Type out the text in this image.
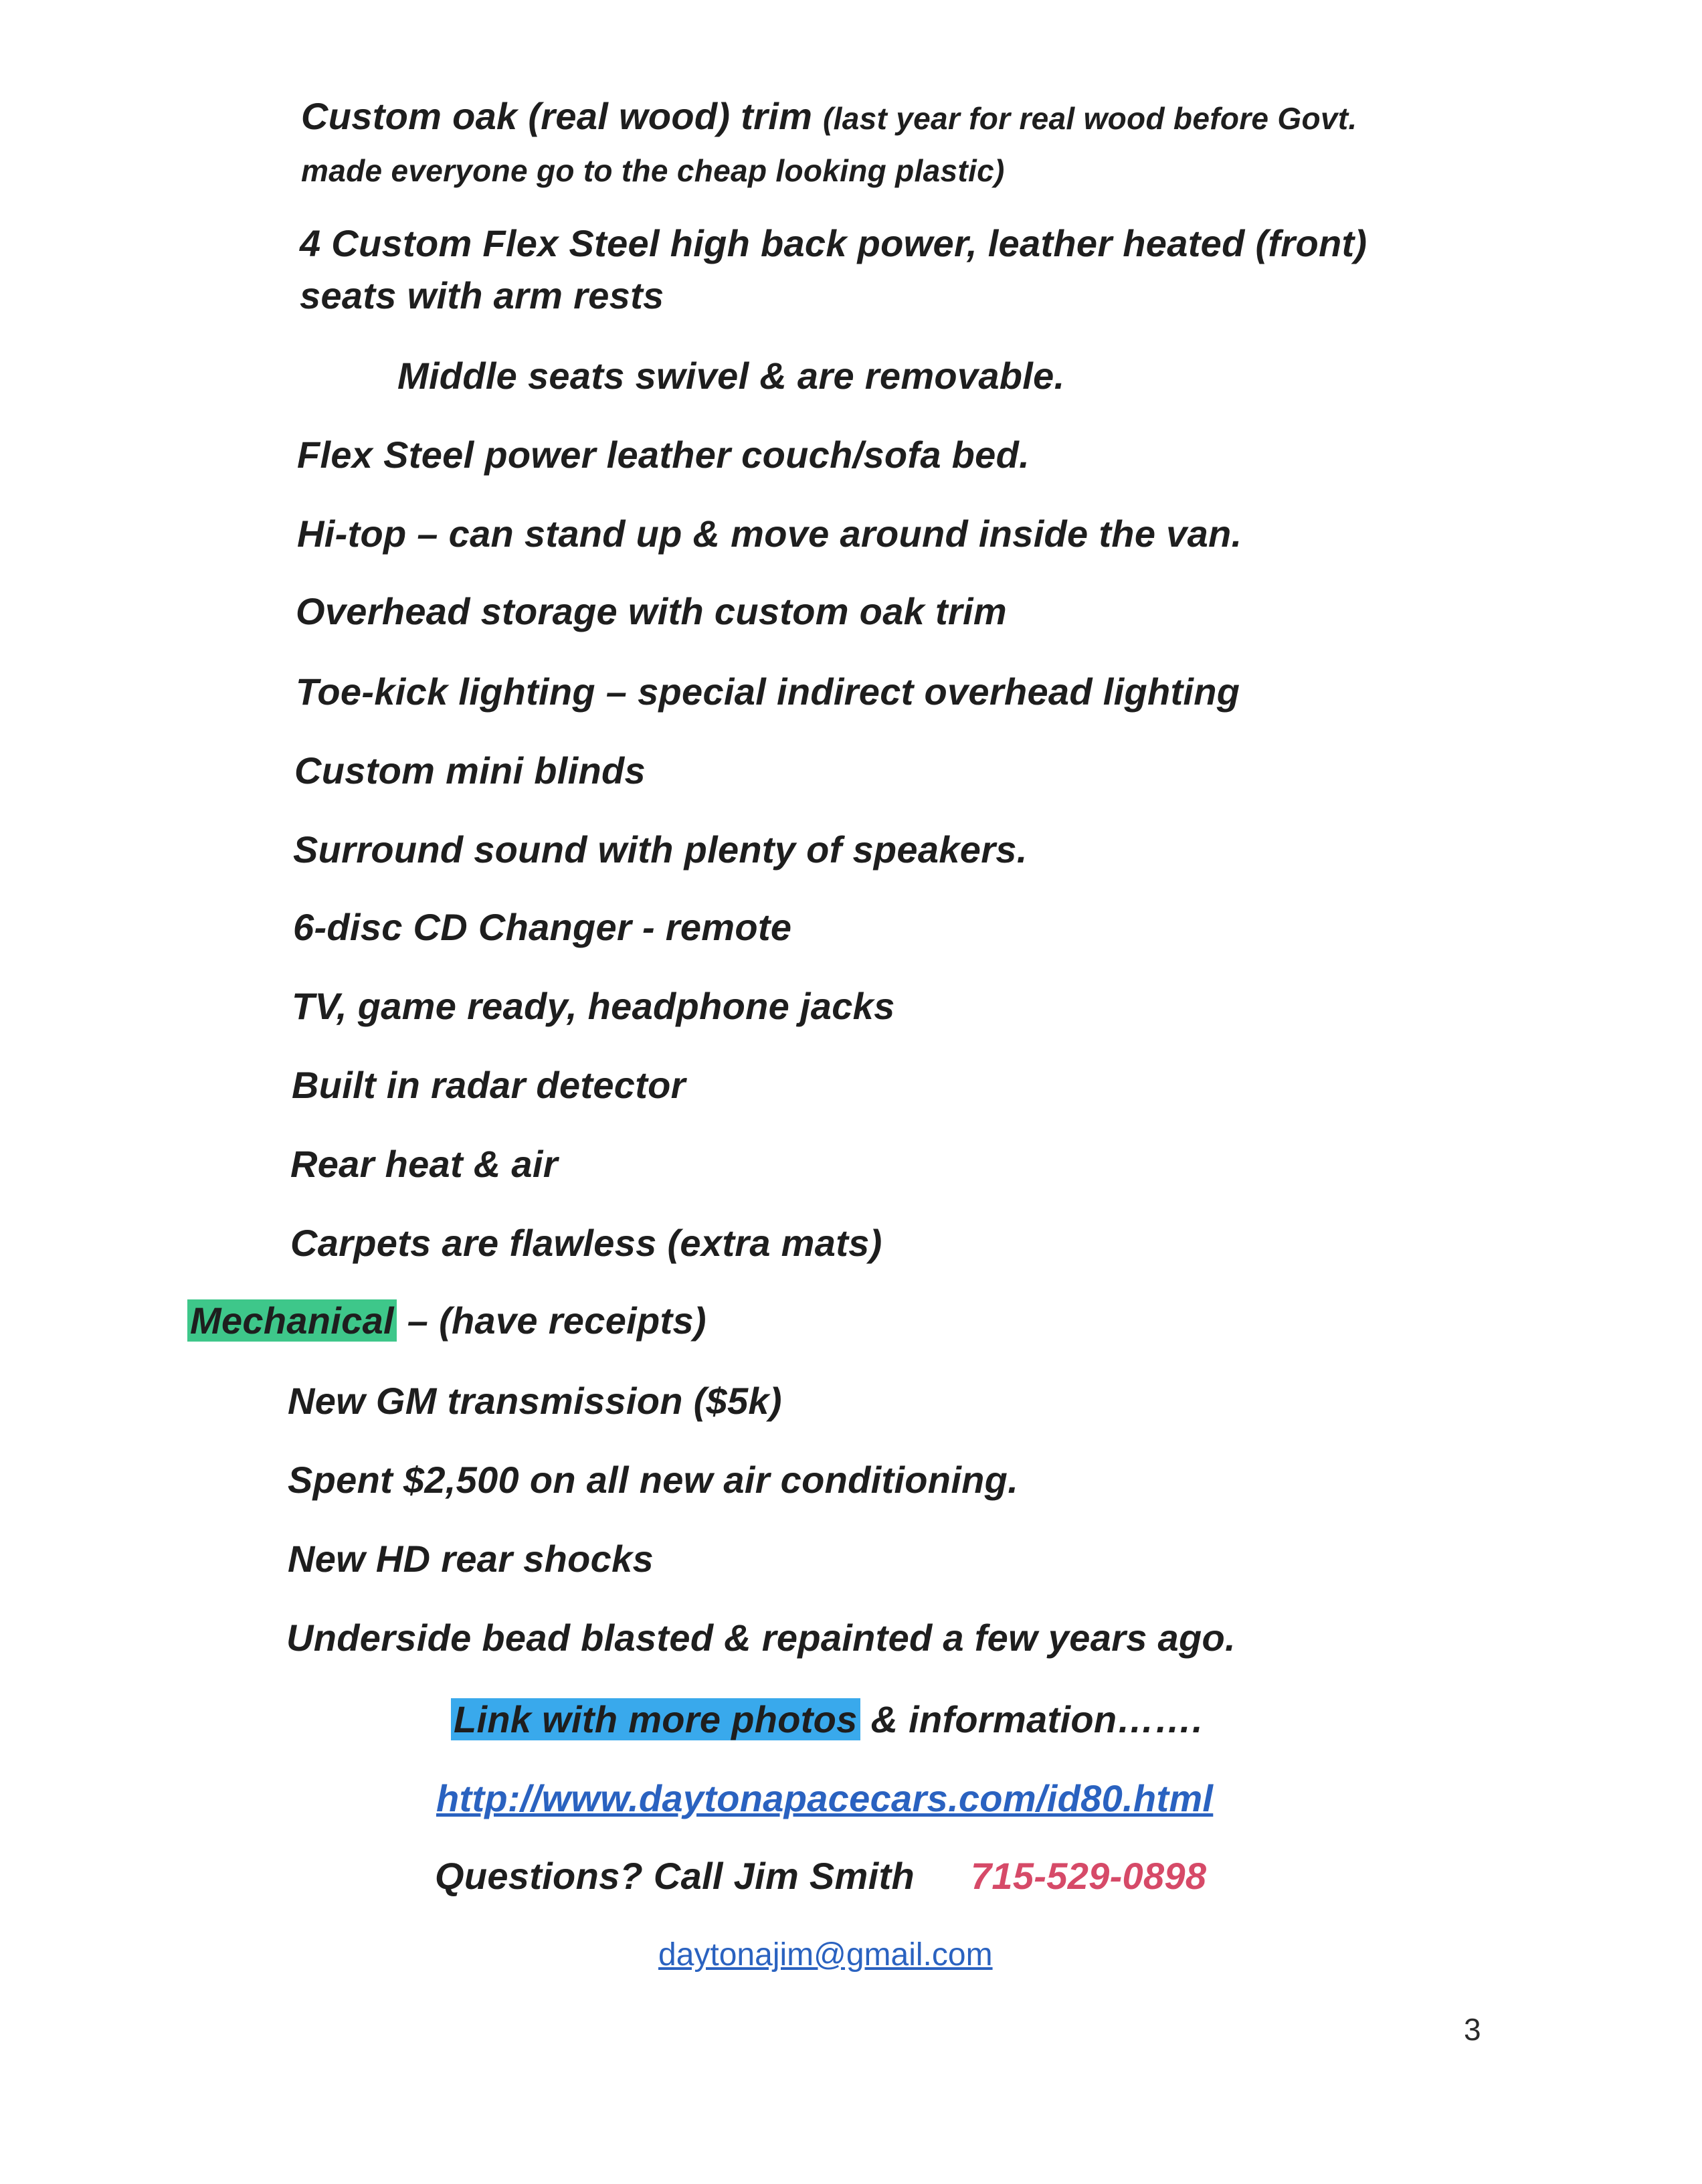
Custom oak (real wood) trim (last year for real wood before Govt.
made everyone go to the cheap looking plastic)
4 Custom Flex Steel high back power, leather heated (front)
seats with arm rests
Middle seats swivel & are removable.
Flex Steel power leather couch/sofa bed.
Hi-top – can stand up & move around inside the van.
Overhead storage with custom oak trim
Toe-kick lighting – special indirect overhead lighting
Custom mini blinds
Surround sound with plenty of speakers.
6-disc CD Changer - remote
TV, game ready, headphone jacks
Built in radar detector
Rear heat & air
Carpets are flawless (extra mats)
Mechanical – (have receipts)
New GM transmission ($5k)
Spent $2,500 on all new air conditioning.
New HD rear shocks
Underside bead blasted & repainted a few years ago.
Link with more photos & information…….
http://www.daytonapacecars.com/id80.html
Questions? Call Jim Smith 715-529-0898
daytonajim@gmail.com
3
